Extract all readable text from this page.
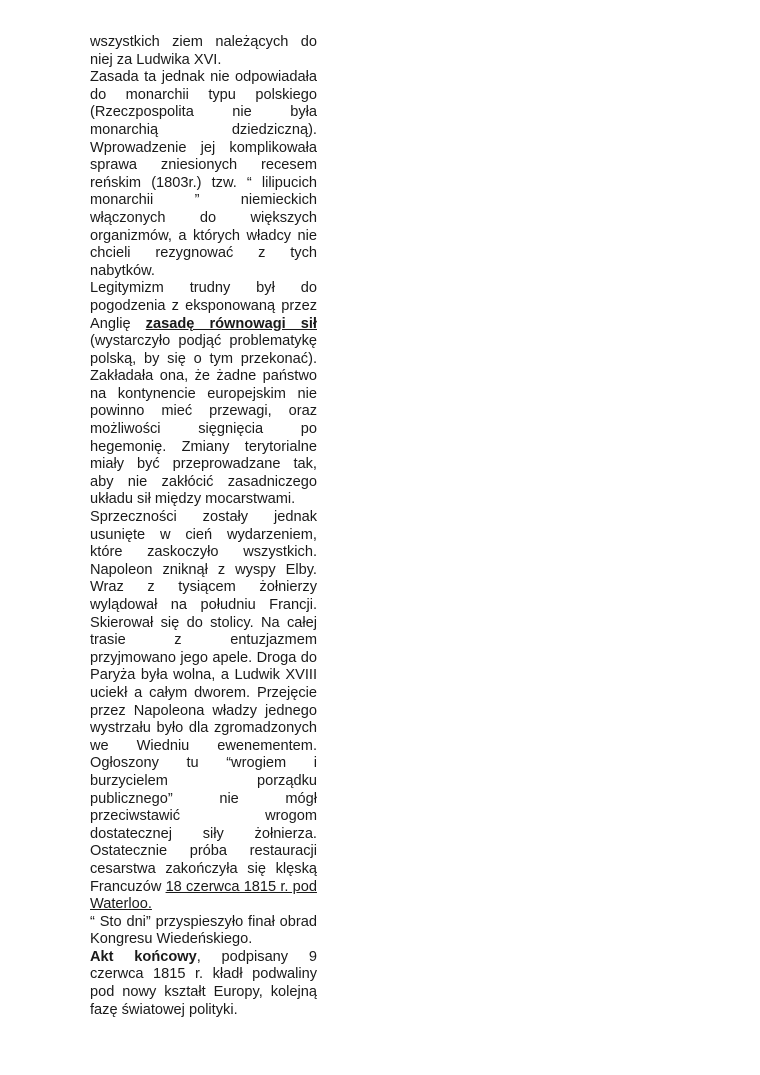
wszystkich ziem należących do niej za Ludwika XVI.

Zasada ta jednak nie odpowiadała do monarchii typu polskiego (Rzeczpospolita nie była monarchią dziedziczną). Wprowadzenie jej komplikowała sprawa zniesionych recesem reńskim (1803r.) tzw. “ lilipucich monarchii ” niemieckich włączonych do większych organizmów, a których władcy nie chcieli rezygnować z tych nabytków.

Legitymizm trudny był do pogodzenia z eksponowaną przez Anglię zasadę równowagi sił (wystarczyło podjąć problematykę polską, by się o tym przekonać). Zakładała ona, że żadne państwo na kontynencie europejskim nie powinno mieć przewagi, oraz możliwości sięgnięcia po hegemonię. Zmiany terytorialne miały być przeprowadzane tak, aby nie zakłócić zasadniczego układu sił między mocarstwami.

Sprzeczności zostały jednak usunięte w cień wydarzeniem, które zaskoczyło wszystkich. Napoleon zniknął z wyspy Elby. Wraz z tysiącem żołnierzy wylądował na południu Francji. Skierował się do stolicy. Na całej trasie z entuzjazmem przyjmowano jego apele. Droga do Paryża była wolna, a Ludwik XVIII uciekł a całym dworem. Przejęcie przez Napoleona władzy jednego wystrzału było dla zgromadzonych we Wiedniu ewenementem. Ogłoszony tu “wrogiem i burzycielem porządku publicznego” nie mógł przeciwstawić wrogom dostatecznej siły żołnierza. Ostatecznie próba restauracji cesarstwa zakończyła się klęską Francuzów 18 czerwca 1815 r. pod Waterloo.

“ Sto dni” przyspieszyło finał obrad Kongresu Wiedeńskiego.

Akt końcowy, podpisany 9 czerwca 1815 r. kładł podwaliny pod nowy kształt Europy, kolejną fazę światowej polityki.
